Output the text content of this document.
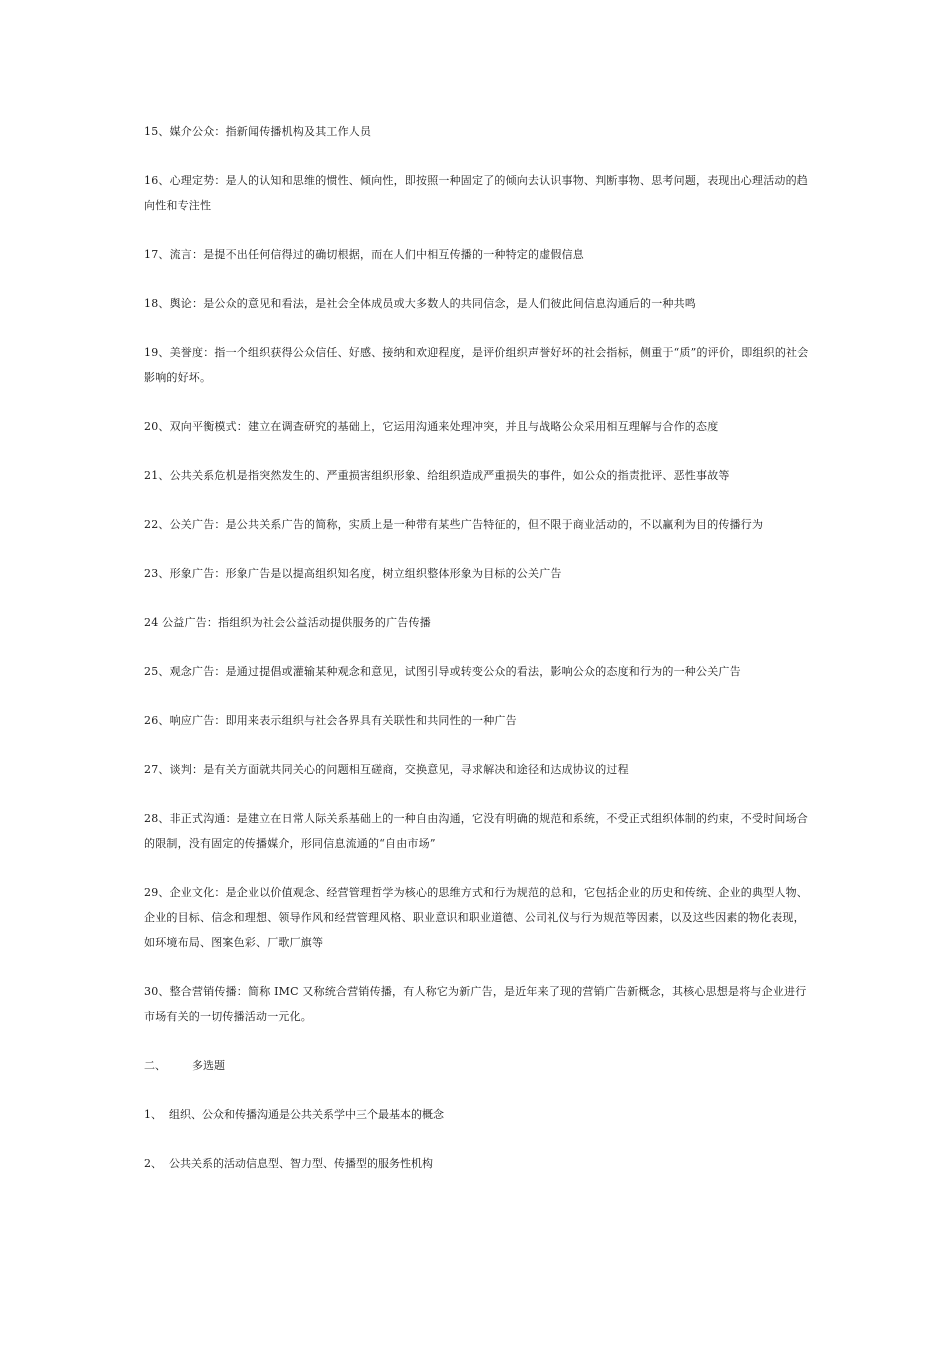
15、媒介公众：指新闻传播机构及其工作人员

16、心理定势：是人的认知和思维的惯性、倾向性，即按照一种固定了的倾向去认识事物、判断事物、思考问题，表现出心理活动的趋向性和专注性

17、流言：是提不出任何信得过的确切根据，而在人们中相互传播的一种特定的虚假信息

18、舆论：是公众的意见和看法，是社会全体成员或大多数人的共同信念，是人们彼此间信息沟通后的一种共鸣

19、美誉度：指一个组织获得公众信任、好感、接纳和欢迎程度，是评价组织声誉好坏的社会指标，侧重于“质”的评价，即组织的社会影响的好坏。

20、双向平衡模式：建立在调查研究的基础上，它运用沟通来处理冲突，并且与战略公众采用相互理解与合作的态度

21、公共关系危机是指突然发生的、严重损害组织形象、给组织造成严重损失的事件，如公众的指责批评、恶性事故等

22、公关广告：是公共关系广告的简称，实质上是一种带有某些广告特征的，但不限于商业活动的，不以赢利为目的传播行为

23、形象广告：形象广告是以提高组织知名度，树立组织整体形象为目标的公关广告

24 公益广告：指组织为社会公益活动提供服务的广告传播

25、观念广告：是通过提倡或灌输某种观念和意见，试图引导或转变公众的看法，影响公众的态度和行为的一种公关广告

26、响应广告：即用来表示组织与社会各界具有关联性和共同性的一种广告

27、谈判：是有关方面就共同关心的问题相互磋商，交换意见，寻求解决和途径和达成协议的过程

28、非正式沟通：是建立在日常人际关系基础上的一种自由沟通，它没有明确的规范和系统，不受正式组织体制的约束，不受时间场合的限制，没有固定的传播媒介，形同信息流通的“自由市场”

29、企业文化：是企业以价值观念、经营管理哲学为核心的思维方式和行为规范的总和，它包括企业的历史和传统、企业的典型人物、企业的目标、信念和理想、领导作风和经营管理风格、职业意识和职业道德、公司礼仪与行为规范等因素，以及这些因素的物化表现，如环境布局、图案色彩、厂歌厂旗等

30、整合营销传播：简称 IMC 又称统合营销传播，有人称它为新广告，是近年来了现的营销广告新概念，其核心思想是将与企业进行市场有关的一切传播活动一元化。

二、 多选题

1、 组织、公众和传播沟通是公共关系学中三个最基本的概念

2、 公共关系的活动信息型、智力型、传播型的服务性机构
